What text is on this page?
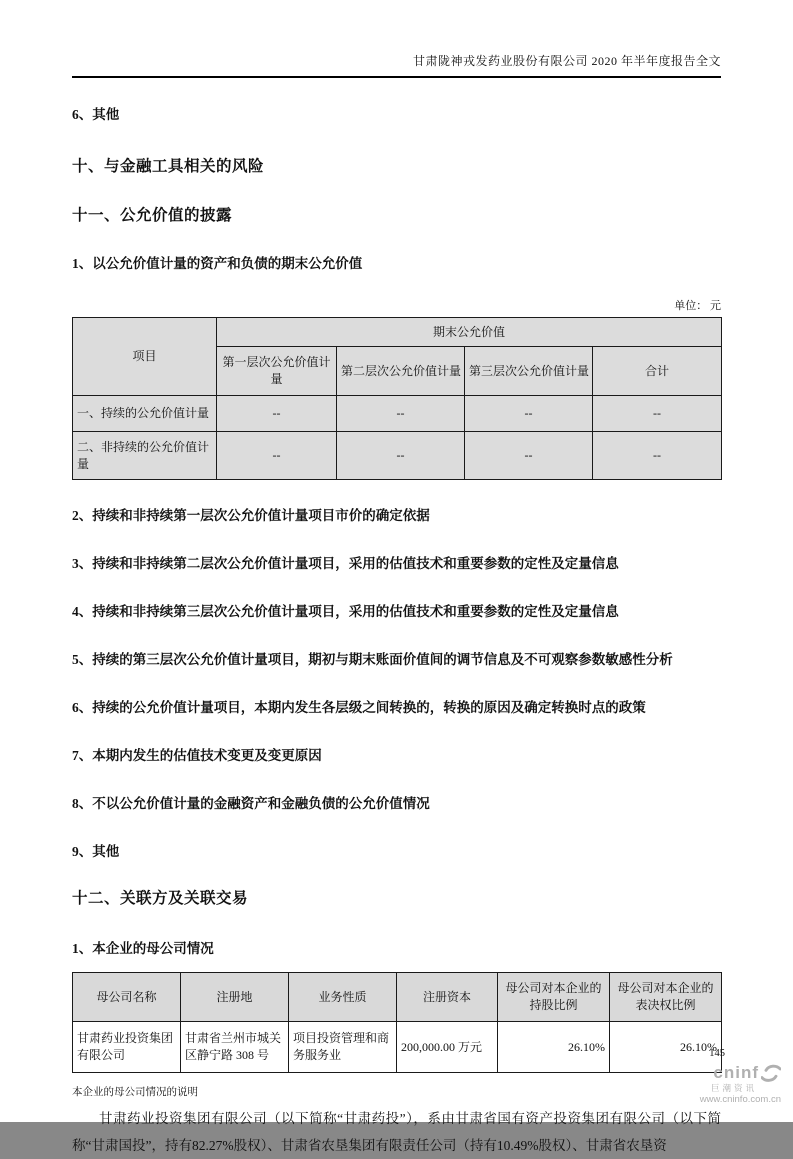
甘肃陇神戎发药业股份有限公司 2020 年半年度报告全文
6、其他
十、与金融工具相关的风险
十一、公允价值的披露
1、以公允价值计量的资产和负债的期末公允价值
单位： 元
项目	期末公允价值			
	第一层次公允价值计量	第二层次公允价值计量	第三层次公允价值计量	合计
一、持续的公允价值计量	--	--	--	--
二、非持续的公允价值计量	--	--	--	--
2、持续和非持续第一层次公允价值计量项目市价的确定依据
3、持续和非持续第二层次公允价值计量项目，采用的估值技术和重要参数的定性及定量信息
4、持续和非持续第三层次公允价值计量项目，采用的估值技术和重要参数的定性及定量信息
5、持续的第三层次公允价值计量项目，期初与期末账面价值间的调节信息及不可观察参数敏感性分析
6、持续的公允价值计量项目，本期内发生各层级之间转换的，转换的原因及确定转换时点的政策
7、本期内发生的估值技术变更及变更原因
8、不以公允价值计量的金融资产和金融负债的公允价值情况
9、其他
十二、关联方及关联交易
1、本企业的母公司情况
母公司名称	注册地	业务性质	注册资本	母公司对本企业的持股比例	母公司对本企业的表决权比例
甘肃药业投资集团有限公司	甘肃省兰州市城关区静宁路 308 号	项目投资管理和商务服务业	200,000.00 万元	26.10%	26.10%
本企业的母公司情况的说明
甘肃药业投资集团有限公司（以下简称“甘肃药投”），系由甘肃省国有资产投资集团有限公司（以下简称“甘肃国投”，持有82.27%股权）、甘肃省农垦集团有限责任公司（持有10.49%股权）、甘肃省农垦资
145
cninf
巨潮资讯
www.cninfo.com.cn
